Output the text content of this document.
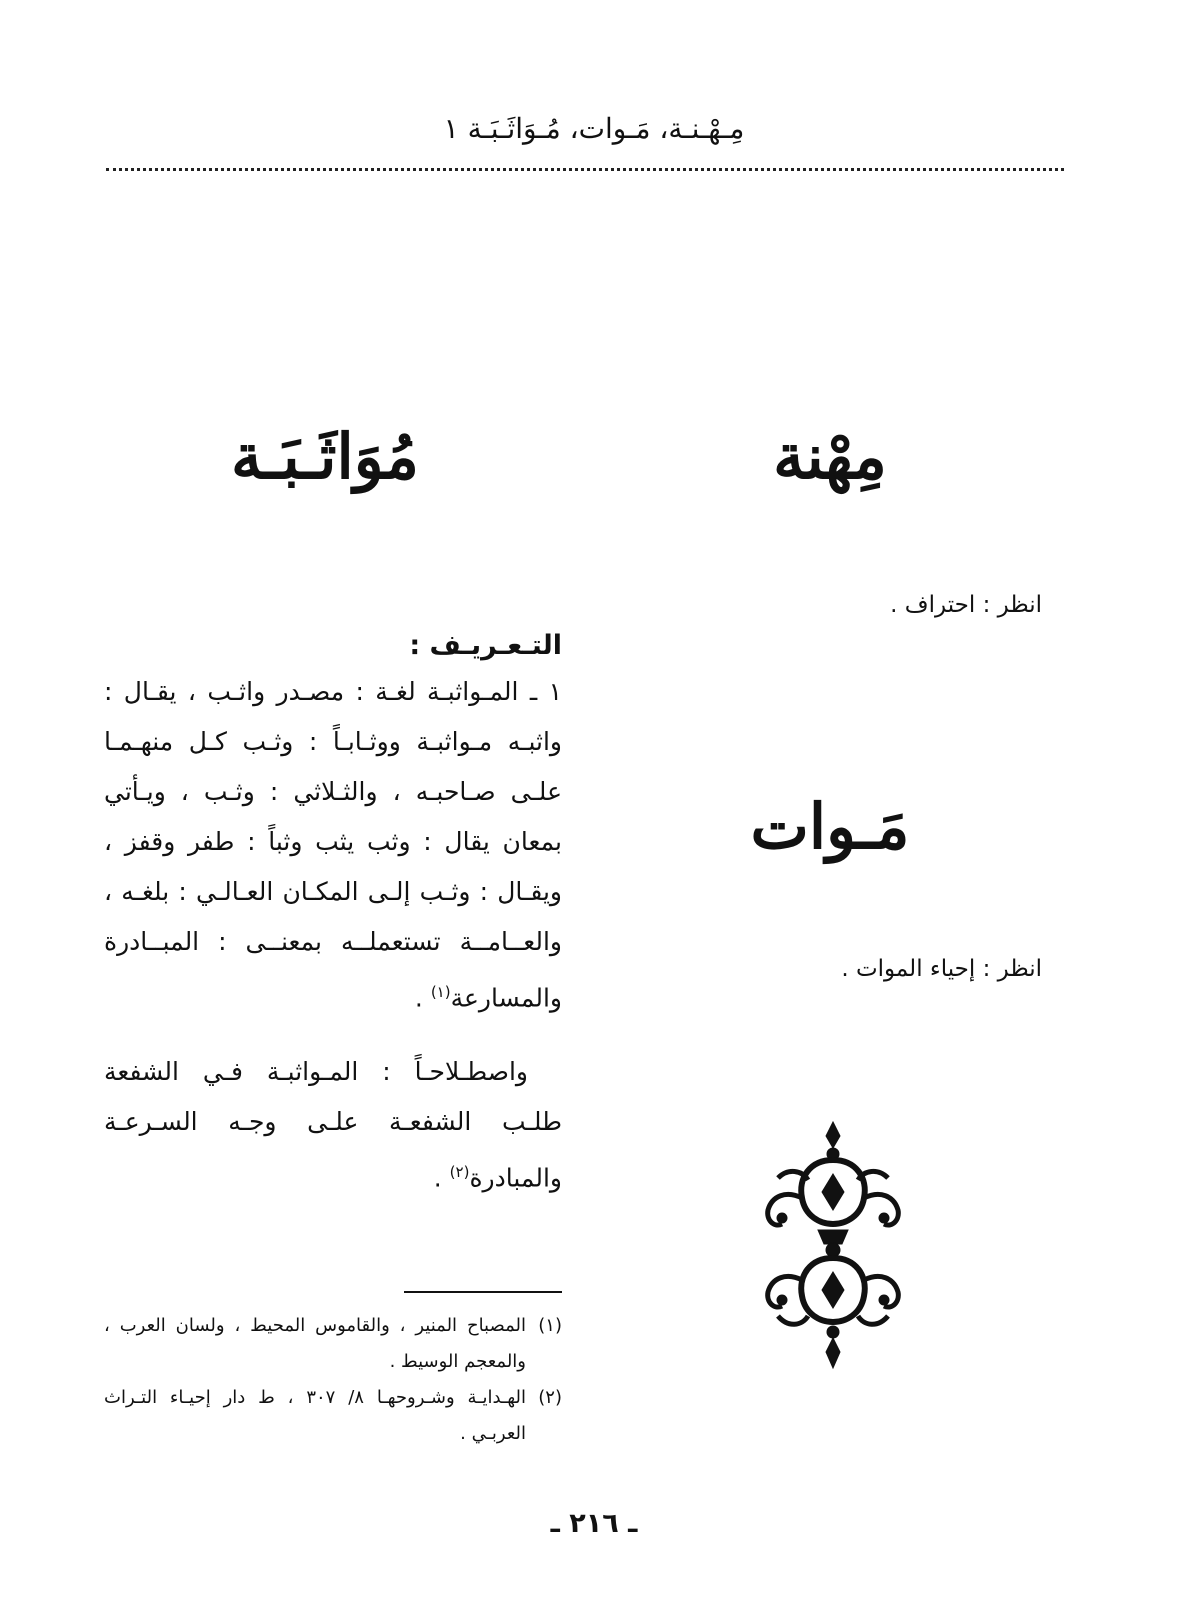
مِـهْـنـة، مَـوات، مُـوَاثَـبَـة ١
مِهْنة
انظر : احتراف .
مَـوات
انظر : إحياء الموات .
مُوَاثَـبَـة
التـعـريـف :

١ ـ المـواثبـة لغـة : مصـدر واثـب ، يقـال : واثبـه مـواثبـة ووثـابـاً : وثـب كـل منهـمـا علـى صـاحبـه ، والثـلاثي : وثـب ، ويـأتي بمعان يقال : وثب يثب وثباً : طفر وقفز ، ويقـال : وثـب إلـى المكـان العـالـي : بلغـه ، والعــامــة تستعملــه بمعنــى : المبــادرة والمسارعة$^{(١)}$ .

واصطـلاحـاً : المـواثبـة فـي الشفعة طلـب الشفعـة علـى وجـه السـرعـة والمبادرة$^{(٢)}$ .

(١)
المصباح المنير ، والقاموس المحيط ، ولسان العرب ، والمعجم الوسيط .
(٢)
الهـدايـة وشـروحهـا ٨/ ٣٠٧ ، ط دار إحيـاء التـراث العربـي .
ـ ٢١٦ ـ
